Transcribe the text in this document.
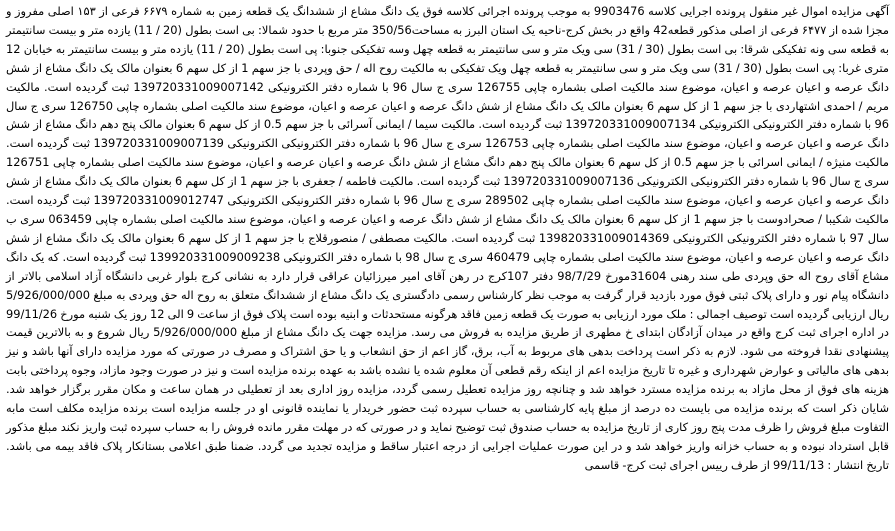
آگهی مزایده اموال غیر منقول پرونده اجرایی کلاسه 9903476 به موجب پرونده اجرائی کلاسه فوق یک دانگ مشاع از ششدانگ یک قطعه زمین به شماره ۶۶۷۹ فرعی از ۱۵۳ اصلی مفروز و مجزا شده از ۶۴۷۷ فرعی از اصلی مذکور قطعه42 واقع در بخش کرج-ناحیه یک استان البرز به مساحت350/56 متر مربع با حدود شمالا: بی است بطول (20 / 11) یازده متر و بیست سانتیمتر به قطعه سی ونه تفکیکی شرقا: بی است بطول (30 / 31) سی ویک متر و سی سانتیمتر به قطعه چهل وسه تفکیکی جنوبا: پی است بطول (20 / 11) یازده متر و بیست سانتیمتر به خیابان 12 متری غربا: پی است بطول (30 / 31) سی ویک متر و سی سانتیمتر به قطعه چهل ویک تفکیکی به مالکیت روح اله / حق وپردی با جز سهم 1 از کل سهم 6 بعنوان مالک یک دانگ مشاع از شش دانگ عرصه و اعیان عرصه و اعیان، موضوع سند مالکیت اصلی بشماره چاپی 126755 سری ج سال 96 با شماره دفتر الکترونیکی 139720331009007142 ثبت گردیده است. مالکیت مریم / احمدی اشتهاردی با جز سهم 1 از کل سهم 6 بعنوان مالک یک دانگ مشاع از شش دانگ عرصه و اعیان عرصه و اعیان، موضوع سند مالکیت اصلی بشماره چاپی 126750 سری ج سال 96 با شماره دفتر الکترونیکی الکترونیکی 139720331009007134 ثبت گردیده است. مالکیت سیما / ایمانی آسرائی با جز سهم 0.5 از کل سهم 6 بعنوان مالک پنج دهم دانگ مشاع از شش دانگ عرصه و اعیان عرصه و اعیان، موضوع سند مالکیت اصلی بشماره چاپی 126753 سری ج سال 96 با شماره دفتر الکترونیکی الکترونیکی 139720331009007139 ثبت گردیده است. مالکیت منیژه / ایمانی اسرائی با جز سهم 0.5 از کل سهم 6 بعنوان مالک پنج دهم دانگ مشاع از شش دانگ عرصه و اعیان عرصه و اعیان، موضوع سند مالکیت اصلی بشماره چاپی 126751 سری ج سال 96 با شماره دفتر الکترونیکی الکترونیکی 139720331009007136 ثبت گردیده است. مالکیت فاطمه / جعفری با جز سهم 1 از کل سهم 6 بعنوان مالک یک دانگ مشاع از شش دانگ عرصه و اعیان عرصه و اعیان، موضوع سند مالکیت اصلی بشماره چاپی 289502 سری ج سال 96 با شماره دفتر الکترونیکی الکترونیکی 139720331009012747 ثبت گردیده است. مالکیت شکیبا / صحرادوست با جز سهم 1 از کل سهم 6 بعنوان مالک یک دانگ مشاع از شش دانگ عرصه و اعیان عرصه و اعیان، موضوع سند مالکیت اصلی بشماره چاپی 063459 سری ب سال 97 با شماره دفتر الکترونیکی الکترونیکی 139820331009014369 ثبت گردیده است. مالکیت مصطفی / منصورقلاج با جز سهم 1 از کل سهم 6 بعنوان مالک یک دانگ مشاع از شش دانگ عرصه و اعیان عرصه و اعیان، موضوع سند مالکیت اصلی بشماره چاپی 460479 سری ج سال 98 با شماره دفتر الکترونیکی 139920331009009238 ثبت گردیده است. که یک دانگ مشاع آقای روح اله حق وپردی طی سند رهنی 31604مورخ 98/7/29 دفتر 107کرج در رهن آقای امیر میرزائیان عراقی قرار دارد به نشانی کرج بلوار غربی دانشگاه آزاد اسلامی بالاتر از دانشگاه پیام نور و دارای پلاک ثبتی فوق مورد بازدید قرار گرفت به موجب نظر کارشناس رسمی دادگستری یک دانگ مشاع از ششدانگ متعلق به روح اله حق وپردی به مبلغ 5/926/000/000 ریال ارزیابی گردیده است توصیف اجمالی : ملک مورد ارزیابی به صورت یک قطعه زمین فاقد هرگونه مستحدثات و ابنیه بوده است پلاک فوق از ساعت 9 الی 12 روز یک شنبه مورخ 99/11/26 در اداره اجرای ثبت کرج واقع در میدان آزادگان ابتدای خ مطهری از طریق مزایده به فروش می رسد. مزایده جهت یک دانگ مشاع از مبلغ 5/926/000/000 ریال شروع و به بالاترین قیمت پیشنهادی نقدا فروخته می شود. لازم به ذکر است پرداخت بدهی های مربوط به آب، برق، گاز اعم از حق انشعاب و یا حق اشتراک و مصرف در صورتی که مورد مزایده دارای آنها باشد و نیز بدهی های مالیاتی و عوارض شهرداری و غیره تا تاریخ مزایده اعم از اینکه رقم قطعی آن معلوم شده یا نشده باشد به عهده برنده مزایده است و نیز در صورت وجود مازاد، وجوه پرداختی بابت هزینه های فوق از محل مازاد به برنده مزایده مسترد خواهد شد و چنانچه روز مزایده تعطیل رسمی گردد، مزایده روز اداری بعد از تعطیلی در همان ساعت و مکان مقرر برگزار خواهد شد. شایان ذکر است که برنده مزایده می بایست ده درصد از مبلغ پایه کارشناسی به حساب سپرده ثبت حضور خریدار یا نماینده قانونی او در جلسه مزایده است برنده مزایده مکلف است مابه التفاوت مبلغ فروش را ظرف مدت پنج روز کاری از تاریخ مزایده به حساب صندوق ثبت توضیح نماید و در صورتی که در مهلت مقرر مانده فروش را به حساب سپرده ثبت واریز نکند مبلغ مذکور قابل استرداد نبوده و به حساب خزانه واریز خواهد شد و در این صورت عملیات اجرایی از درجه اعتبار ساقط و مزایده تجدید می گردد. ضمنا طبق اعلامی بستانکار پلاک فاقد بیمه می باشد. تاریخ انتشار : 99/11/13 از طرف رییس اجرای ثبت کرج- قاسمی
